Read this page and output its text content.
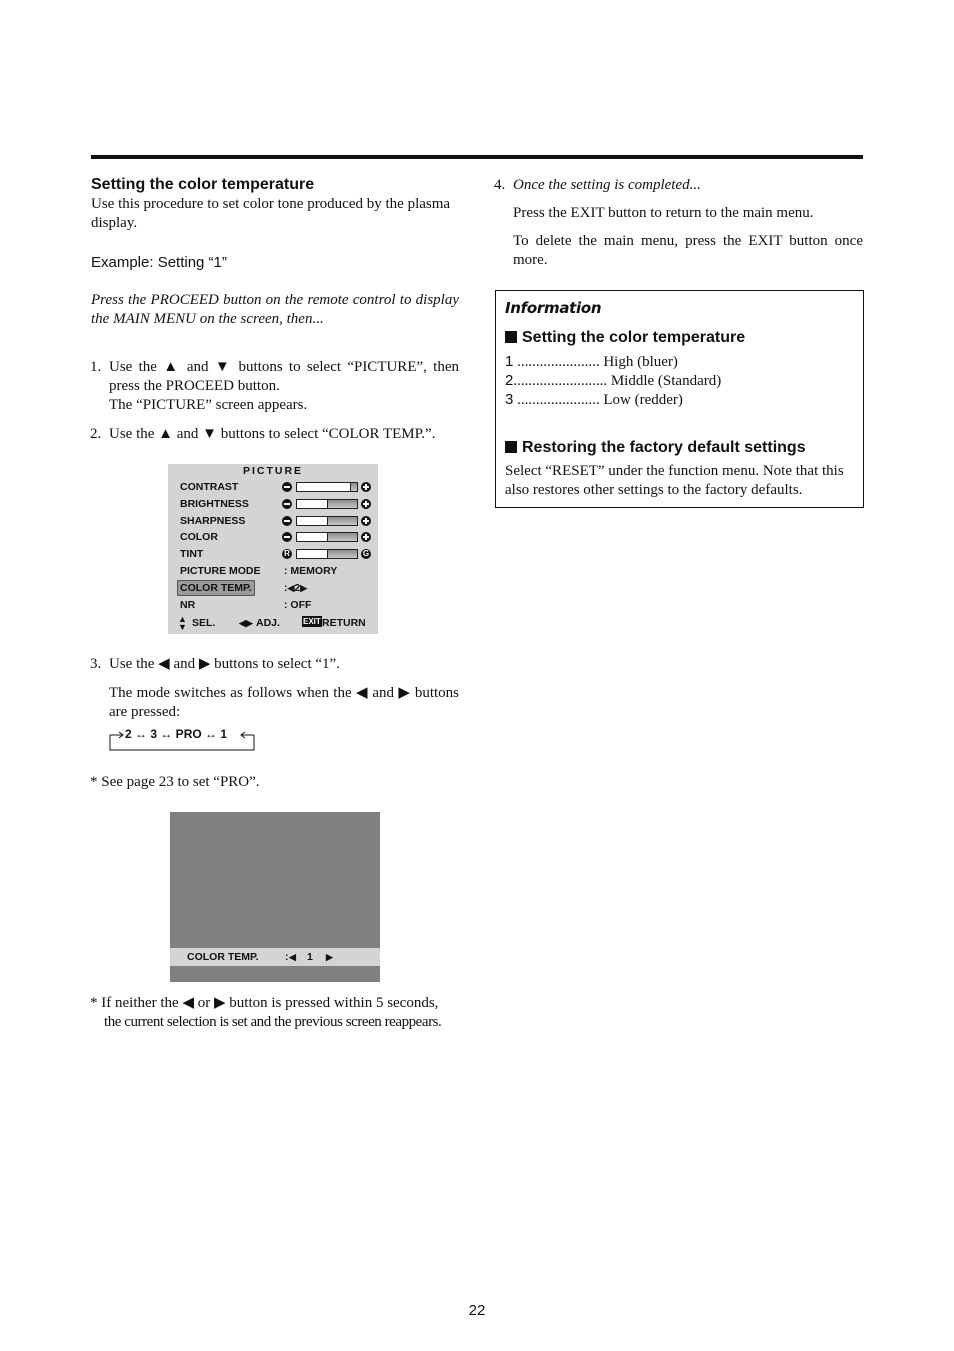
Setting the color temperature
Use this procedure to set color tone produced by the plasma display.
Example: Setting “1”
Press the PROCEED button on the remote control to display the MAIN MENU on the screen, then...
1. Use the ▲ and ▼ buttons to select “PICTURE”, then press the PROCEED button.
The “PICTURE” screen appears.
2. Use the ▲ and ▼ buttons to select “COLOR TEMP.”.
PICTURE
CONTRAST
BRIGHTNESS
SHARPNESS
COLOR
TINT	R	G
PICTURE MODE : MEMORY
COLOR TEMP.	:◀2▶
NR	: OFF
▲
▼ SEL.	◀▶ ADJ.	EXIT RETURN
3. Use the ◀ and ▶ buttons to select “1”.
The mode switches as follows when the ◀ and ▶ buttons are pressed:
2 ↔ 3 ↔ PRO ↔ 1
* See page 23 to set “PRO”.
COLOR TEMP.	: ◀ 1 ▶
* If neither the ◀ or ▶ button is pressed within 5 seconds,
the current selection is set and the previous screen reappears.
4. Once the setting is completed...
Press the EXIT button to return to the main menu.
To delete the main menu, press the EXIT button once more.
Information
Setting the color temperature
1 ...................... High (bluer)
2......................... Middle (Standard)
3 ...................... Low (redder)
Restoring the factory default settings
Select “RESET” under the function menu. Note that this also restores other settings to the factory defaults.
22
